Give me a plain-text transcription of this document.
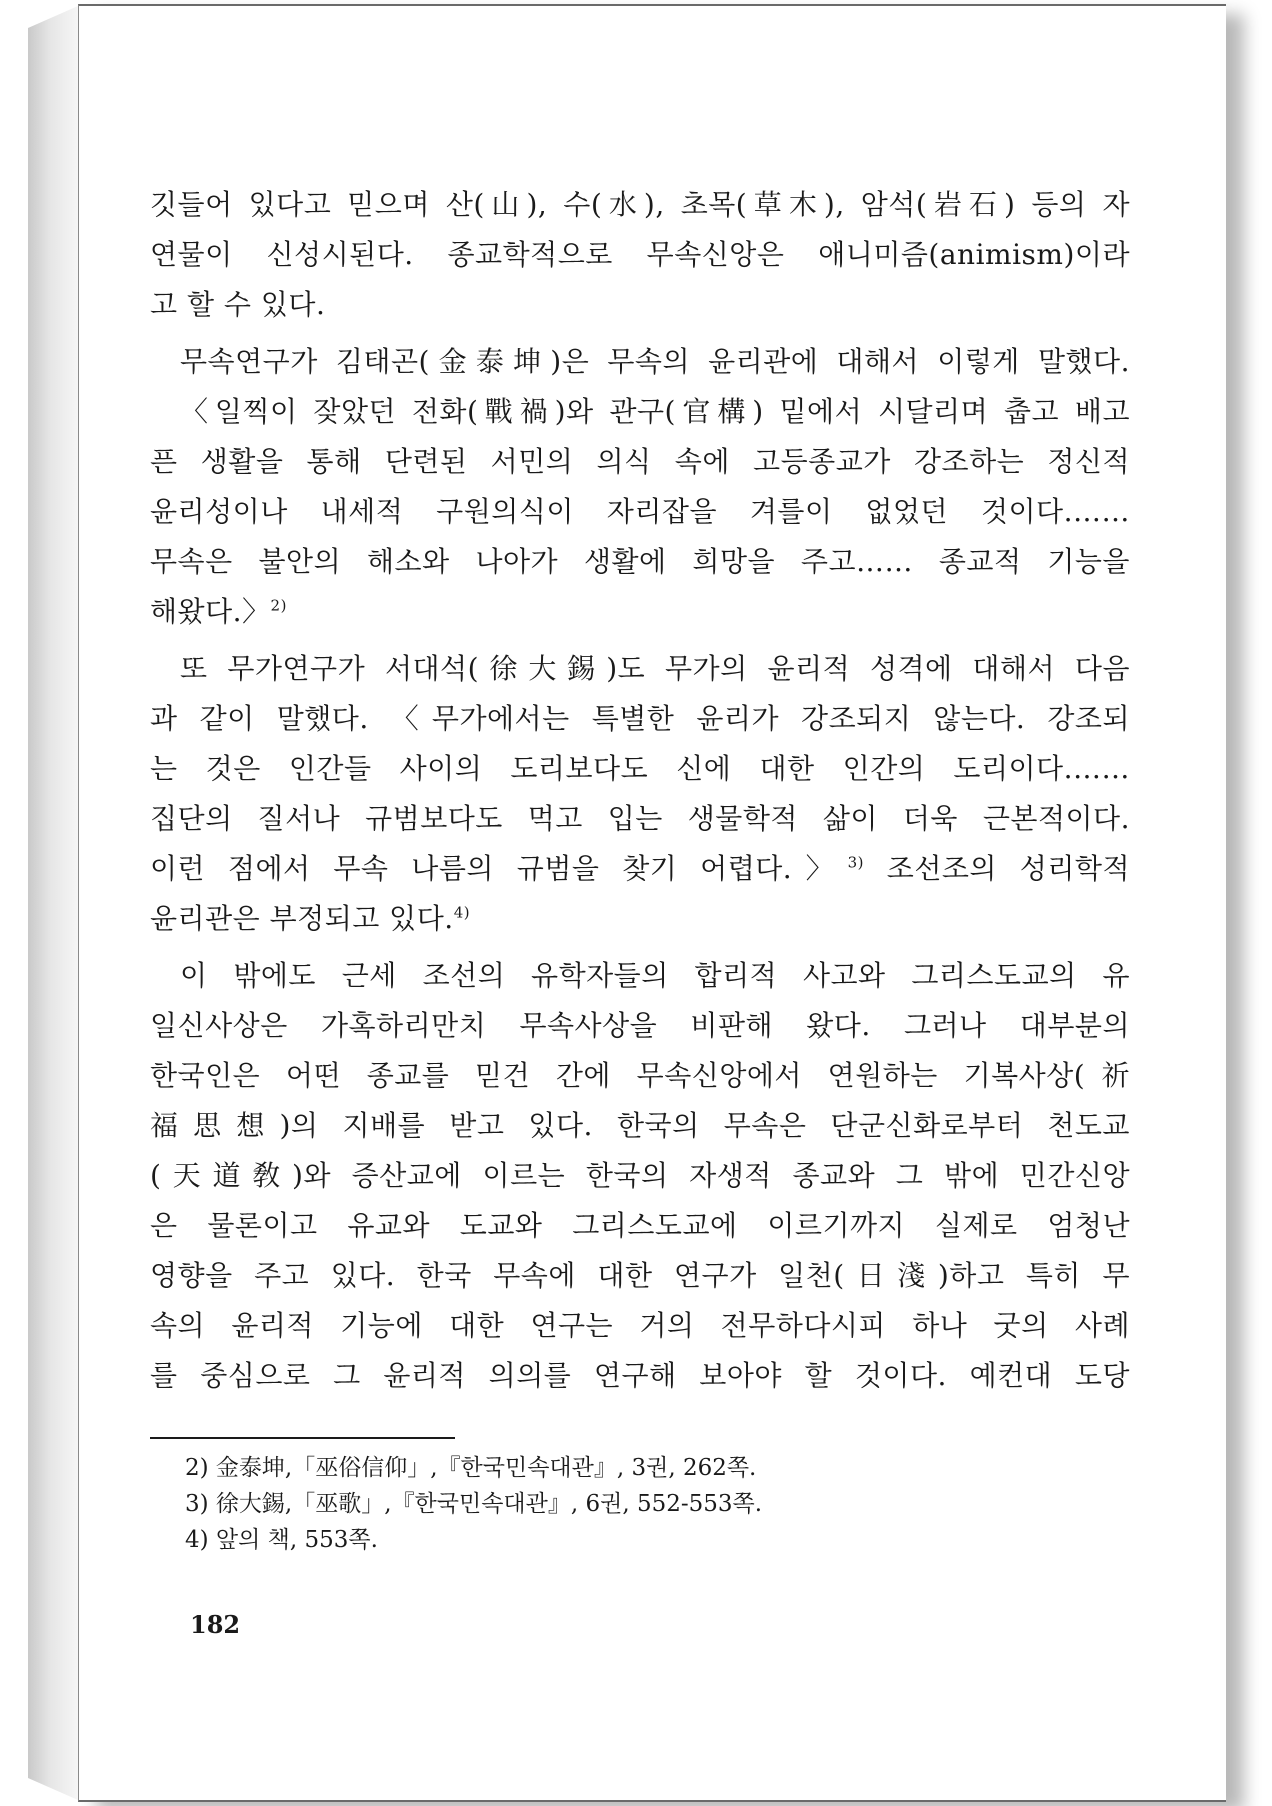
깃들어 있다고 믿으며 산(山), 수(水), 초목(草木), 암석(岩石) 등의 자
연물이 신성시된다. 종교학적으로 무속신앙은 애니미즘(animism)이라
고 할 수 있다.
무속연구가 김태곤(金泰坤)은 무속의 윤리관에 대해서 이렇게 말했다.
〈일찍이 잦았던 전화(戰禍)와 관구(官構) 밑에서 시달리며 춥고 배고
픈 생활을 통해 단련된 서민의 의식 속에 고등종교가 강조하는 정신적
윤리성이나 내세적 구원의식이 자리잡을 겨를이 없었던 것이다.……
무속은 불안의 해소와 나아가 생활에 희망을 주고…… 종교적 기능을
해왔다.〉$^{2)}$
또 무가연구가 서대석(徐大錫)도 무가의 윤리적 성격에 대해서 다음
과 같이 말했다. 〈무가에서는 특별한 윤리가 강조되지 않는다. 강조되
는 것은 인간들 사이의 도리보다도 신에 대한 인간의 도리이다.……
집단의 질서나 규범보다도 먹고 입는 생물학적 삶이 더욱 근본적이다.
이런 점에서 무속 나름의 규범을 찾기 어렵다.〉$^{3)}$ 조선조의 성리학적
윤리관은 부정되고 있다.$^{4)}$
이 밖에도 근세 조선의 유학자들의 합리적 사고와 그리스도교의 유
일신사상은 가혹하리만치 무속사상을 비판해 왔다. 그러나 대부분의
한국인은 어떤 종교를 믿건 간에 무속신앙에서 연원하는 기복사상(祈
福思想)의 지배를 받고 있다. 한국의 무속은 단군신화로부터 천도교
(天道敎)와 증산교에 이르는 한국의 자생적 종교와 그 밖에 민간신앙
은 물론이고 유교와 도교와 그리스도교에 이르기까지 실제로 엄청난
영향을 주고 있다. 한국 무속에 대한 연구가 일천(日淺)하고 특히 무
속의 윤리적 기능에 대한 연구는 거의 전무하다시피 하나 굿의 사례
를 중심으로 그 윤리적 의의를 연구해 보아야 할 것이다. 예컨대 도당
2) 金泰坤,「巫俗信仰」,『한국민속대관』, 3권, 262쪽.
3) 徐大錫,「巫歌」,『한국민속대관』, 6권, 552-553쪽.
4) 앞의 책, 553쪽.
182
